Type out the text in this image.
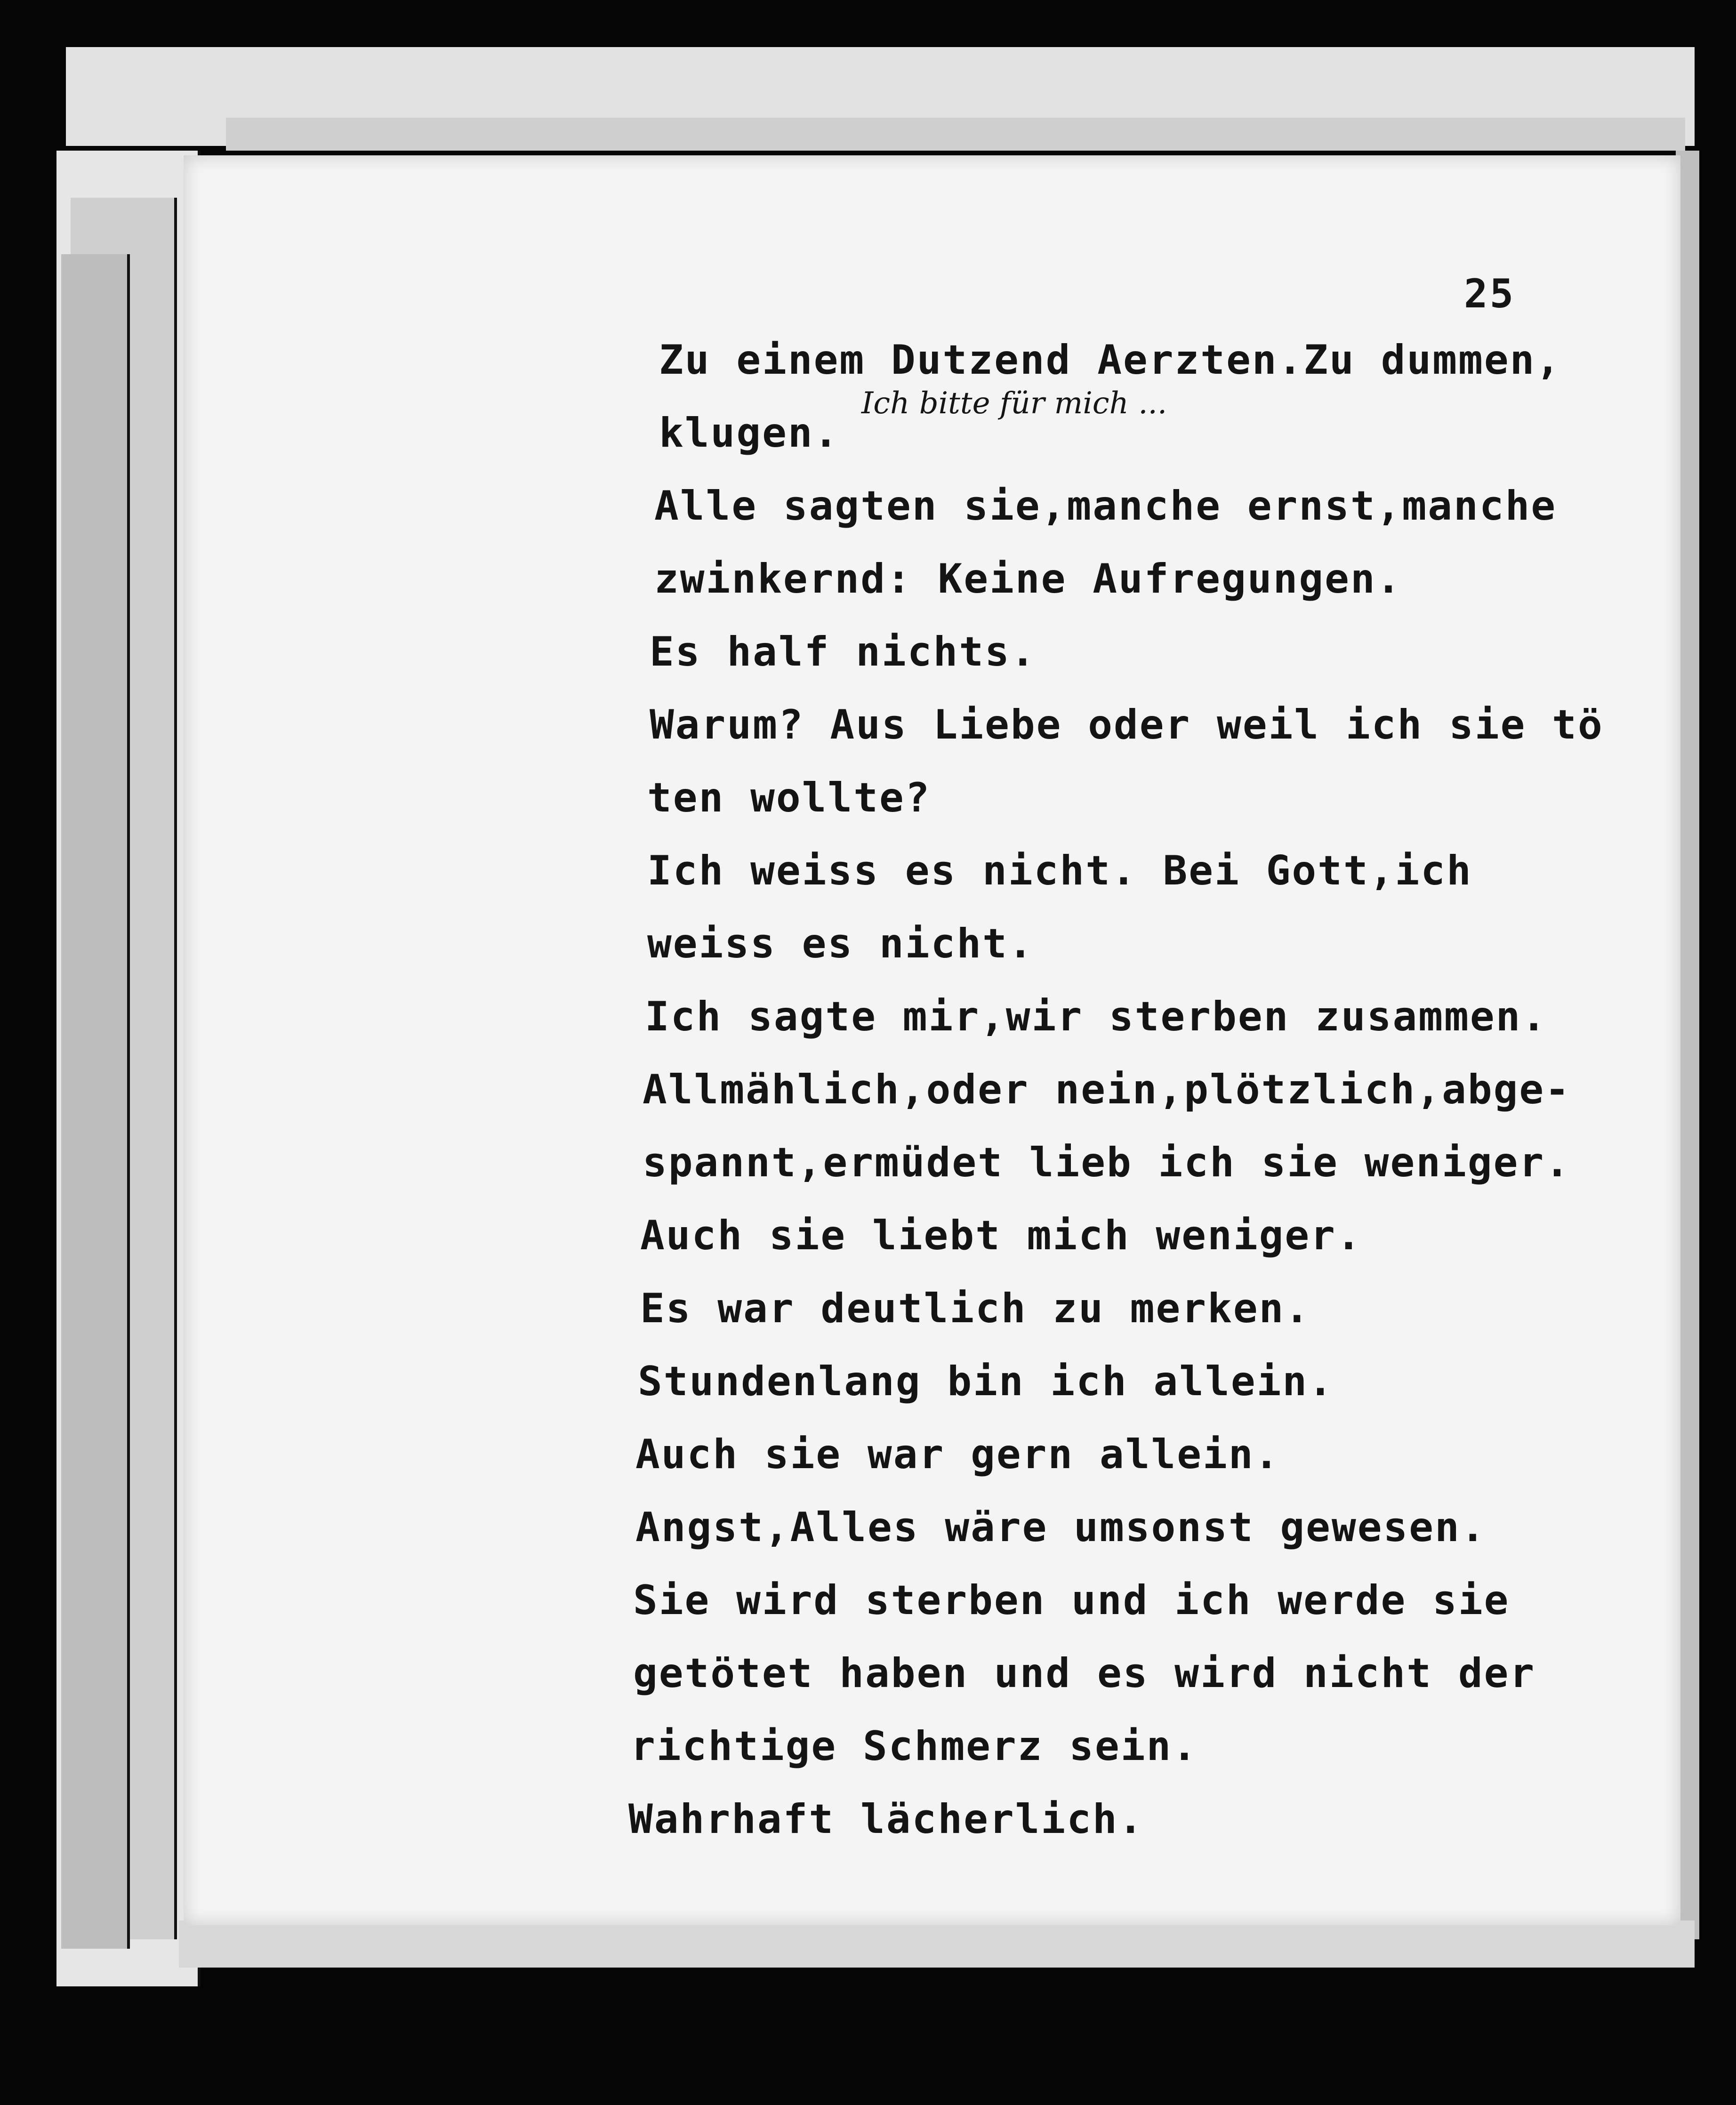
25
Zu einem Dutzend Aerzten.Zu dummen,
klugen.
Alle sagten sie,manche ernst,manche
zwinkernd: Keine Aufregungen.
Es half nichts.
Warum? Aus Liebe oder weil ich sie tö
ten wollte?
Ich weiss es nicht. Bei Gott,ich
weiss es nicht.
Ich sagte mir,wir sterben zusammen.
Allmählich,oder nein,plötzlich,abge-
spannt,ermüdet lieb ich sie weniger.
Auch sie liebt mich weniger.
Es war deutlich zu merken.
Stundenlang bin ich allein.
Auch sie war gern allein.
Angst,Alles wäre umsonst gewesen.
Sie wird sterben und ich werde sie
getötet haben und es wird nicht der
richtige Schmerz sein.
Wahrhaft lächerlich.
Ich bitte für mich ...
